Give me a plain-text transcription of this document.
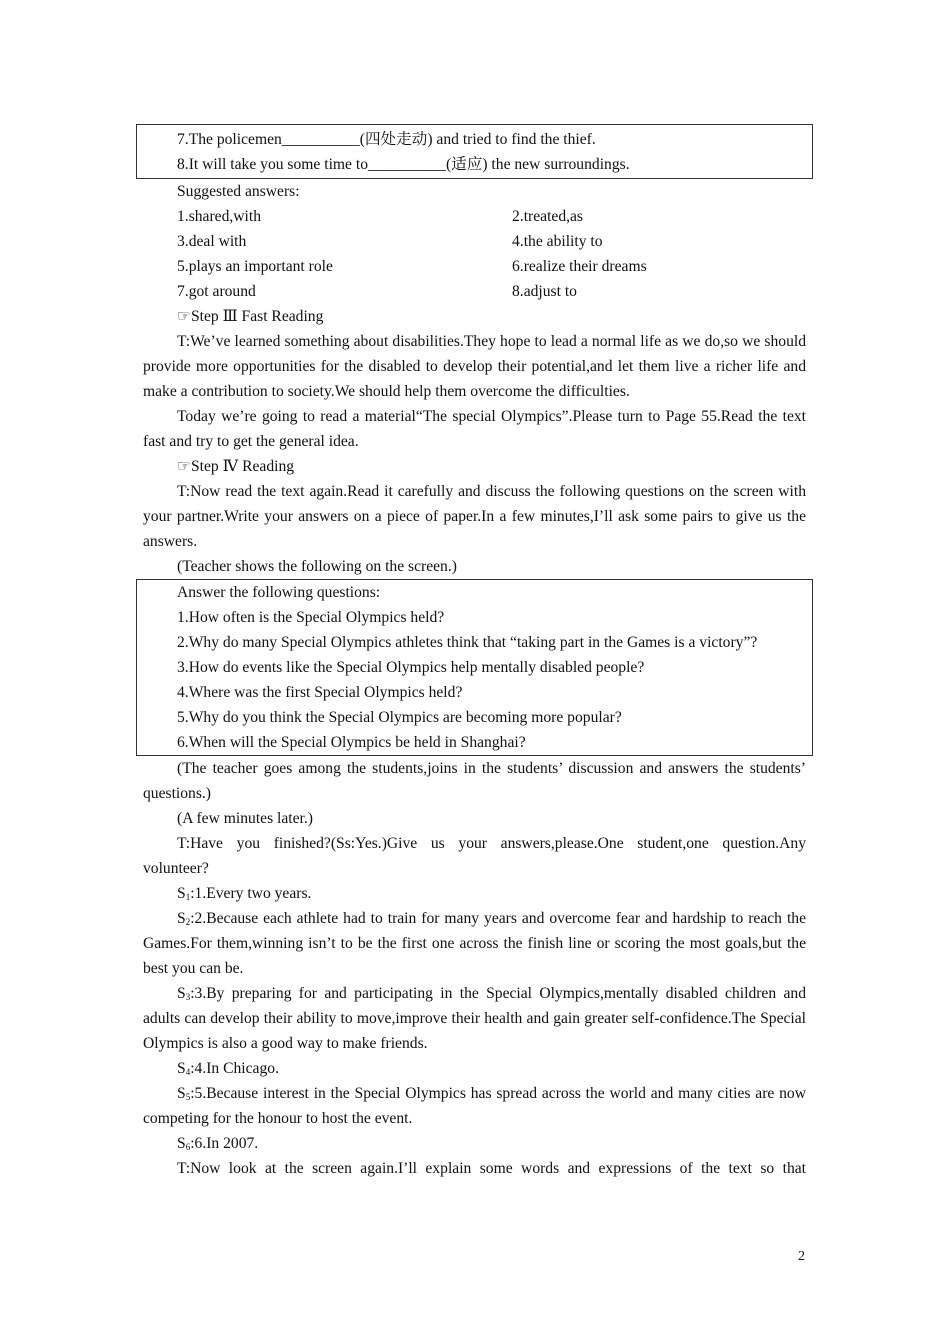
7.The policemen__________(四处走动) and tried to find the thief.

8.It will take you some time to__________(适应) the new surroundings.

Suggested answers:

1.shared,with	2.treated,as
3.deal with	4.the ability to
5.plays an important role	6.realize their dreams
7.got around	8.adjust to

☞Step Ⅲ Fast Reading

T:We’ve learned something about disabilities.They hope to lead a normal life as we do,so we should provide more opportunities for the disabled to develop their potential,and let them live a richer life and make a contribution to society.We should help them overcome the difficulties.

Today we’re going to read a material“The special Olympics”.Please turn to Page 55.Read the text fast and try to get the general idea.

☞Step Ⅳ Reading

T:Now read the text again.Read it carefully and discuss the following questions on the screen with your partner.Write your answers on a piece of paper.In a few minutes,I’ll ask some pairs to give us the answers.

(Teacher shows the following on the screen.)

Answer the following questions:

1.How often is the Special Olympics held?

2.Why do many Special Olympics athletes think that “taking part in the Games is a victory”?

3.How do events like the Special Olympics help mentally disabled people?

4.Where was the first Special Olympics held?

5.Why do you think the Special Olympics are becoming more popular?

6.When will the Special Olympics be held in Shanghai?

(The teacher goes among the students,joins in the students’ discussion and answers the students’ questions.)

(A few minutes later.)

T:Have you finished?(Ss:Yes.)Give us your answers,please.One student,one question.Any volunteer?

$S_1:1.Every$ two years.

$S_2:2.Because$ each athlete had to train for many years and overcome fear and hardship to reach the Games.For them,winning isn’t to be the first one across the finish line or scoring the most goals,but the best you can be.

$S_3:3.By$ preparing for and participating in the Special Olympics,mentally disabled children and adults can develop their ability to move,improve their health and gain greater self-confidence.The Special Olympics is also a good way to make friends.

$S_4:4.In$ Chicago.

$S_5:5.Because$ interest in the Special Olympics has spread across the world and many cities are now competing for the honour to host the event.

$S_6:6.In$ 2007.

T:Now look at the screen again.I’ll explain some words and expressions of the text so that

2
